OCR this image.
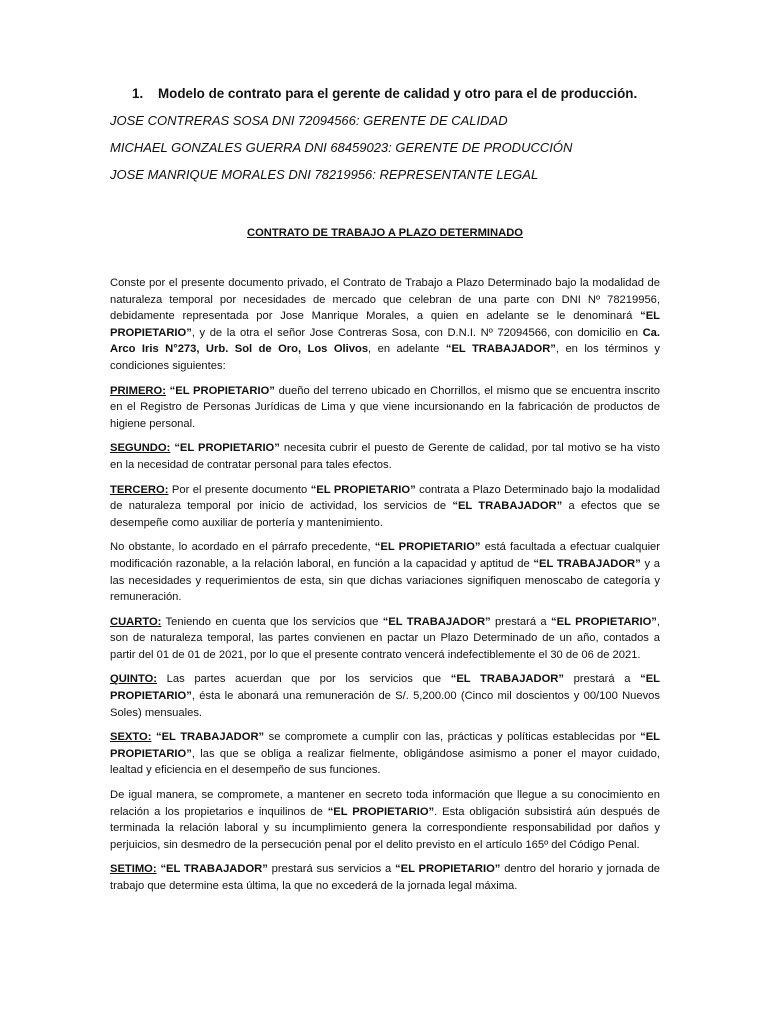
1. Modelo de contrato para el gerente de calidad y otro para el de producción.
JOSE CONTRERAS SOSA DNI 72094566: GERENTE DE CALIDAD
MICHAEL GONZALES GUERRA DNI 68459023: GERENTE DE PRODUCCIÓN
JOSE MANRIQUE MORALES DNI 78219956: REPRESENTANTE LEGAL
CONTRATO DE TRABAJO A PLAZO DETERMINADO

Conste por el presente documento privado, el Contrato de Trabajo a Plazo Determinado bajo la modalidad de naturaleza temporal por necesidades de mercado que celebran de una parte con DNI Nº 78219956, debidamente representada por Jose Manrique Morales, a quien en adelante se le denominará “EL PROPIETARIO”, y de la otra el señor Jose Contreras Sosa, con D.N.I. Nº 72094566, con domicilio en Ca. Arco Iris N°273, Urb. Sol de Oro, Los Olivos, en adelante “EL TRABAJADOR”, en los términos y condiciones siguientes:

PRIMERO: “EL PROPIETARIO” dueño del terreno ubicado en Chorrillos, el mismo que se encuentra inscrito en el Registro de Personas Jurídicas de Lima y que viene incursionando en la fabricación de productos de higiene personal.

SEGUNDO: “EL PROPIETARIO” necesita cubrir el puesto de Gerente de calidad, por tal motivo se ha visto en la necesidad de contratar personal para tales efectos.

TERCERO: Por el presente documento “EL PROPIETARIO” contrata a Plazo Determinado bajo la modalidad de naturaleza temporal por inicio de actividad, los servicios de “EL TRABAJADOR” a efectos que se desempeñe como auxiliar de portería y mantenimiento.

No obstante, lo acordado en el párrafo precedente, “EL PROPIETARIO” está facultada a efectuar cualquier modificación razonable, a la relación laboral, en función a la capacidad y aptitud de “EL TRABAJADOR” y a las necesidades y requerimientos de esta, sin que dichas variaciones signifiquen menoscabo de categoría y remuneración.

CUARTO: Teniendo en cuenta que los servicios que “EL TRABAJADOR” prestará a “EL PROPIETARIO”, son de naturaleza temporal, las partes convienen en pactar un Plazo Determinado de un año, contados a partir del 01 de 01 de 2021, por lo que el presente contrato vencerá indefectiblemente el 30 de 06 de 2021.

QUINTO: Las partes acuerdan que por los servicios que “EL TRABAJADOR” prestará a “EL PROPIETARIO”, ésta le abonará una remuneración de S/. 5,200.00 (Cinco mil doscientos y 00/100 Nuevos Soles) mensuales.

SEXTO: “EL TRABAJADOR” se compromete a cumplir con las, prácticas y políticas establecidas por “EL PROPIETARIO”, las que se obliga a realizar fielmente, obligándose asimismo a poner el mayor cuidado, lealtad y eficiencia en el desempeño de sus funciones.

De igual manera, se compromete, a mantener en secreto toda información que llegue a su conocimiento en relación a los propietarios e inquilinos de “EL PROPIETARIO”. Esta obligación subsistirá aún después de terminada la relación laboral y su incumplimiento genera la correspondiente responsabilidad por daños y perjuicios, sin desmedro de la persecución penal por el delito previsto en el artículo 165º del Código Penal.

SETIMO: “EL TRABAJADOR” prestará sus servicios a “EL PROPIETARIO” dentro del horario y jornada de trabajo que determine esta última, la que no excederá de la jornada legal máxima.
